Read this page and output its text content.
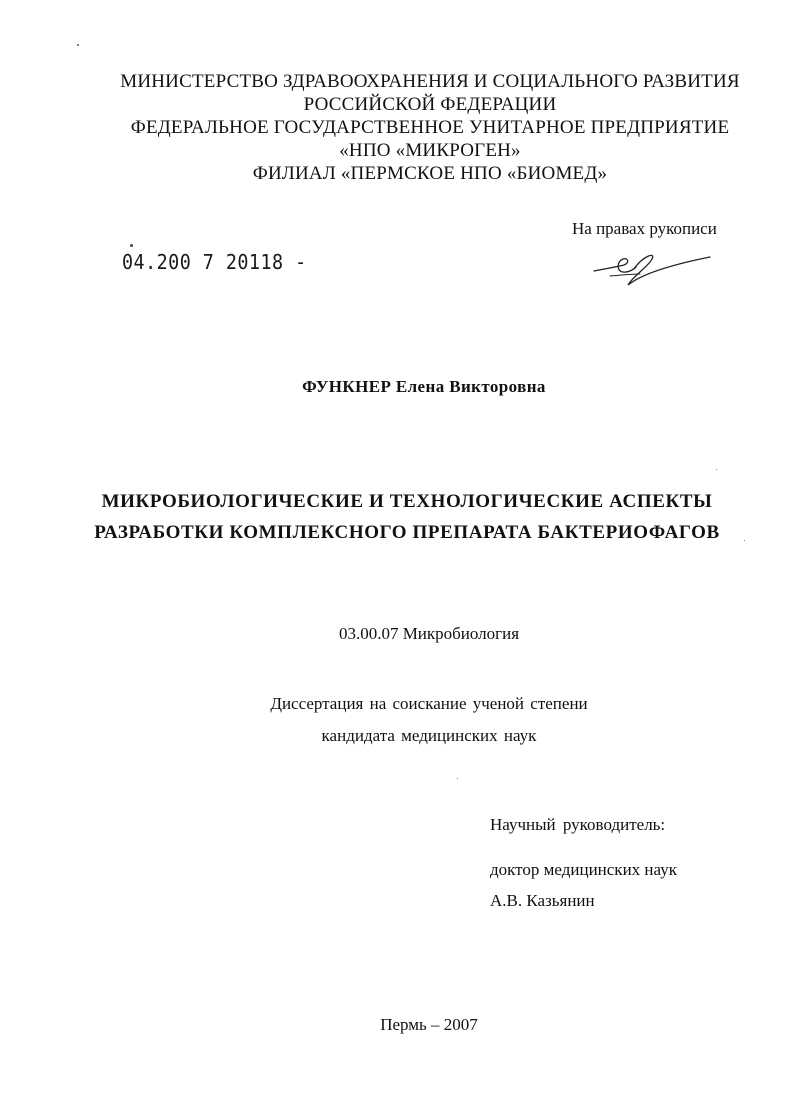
МИНИСТЕРСТВО ЗДРАВООХРАНЕНИЯ И СОЦИАЛЬНОГО РАЗВИТИЯ
РОССИЙСКОЙ ФЕДЕРАЦИИ
ФЕДЕРАЛЬНОЕ ГОСУДАРСТВЕННОЕ УНИТАРНОЕ ПРЕДПРИЯТИЕ
«НПО «МИКРОГЕН»
ФИЛИАЛ «ПЕРМСКОЕ НПО «БИОМЕД»
На правах рукописи
04.200 7 20118 -
ФУНКНЕР Елена Викторовна
МИКРОБИОЛОГИЧЕСКИЕ И ТЕХНОЛОГИЧЕСКИЕ АСПЕКТЫ
РАЗРАБОТКИ КОМПЛЕКСНОГО ПРЕПАРАТА БАКТЕРИОФАГОВ
03.00.07 Микробиология
Диссертация на соискание ученой степени
кандидата медицинских наук
Научный руководитель:
доктор медицинских наук
А.В. Казьянин
Пермь – 2007
